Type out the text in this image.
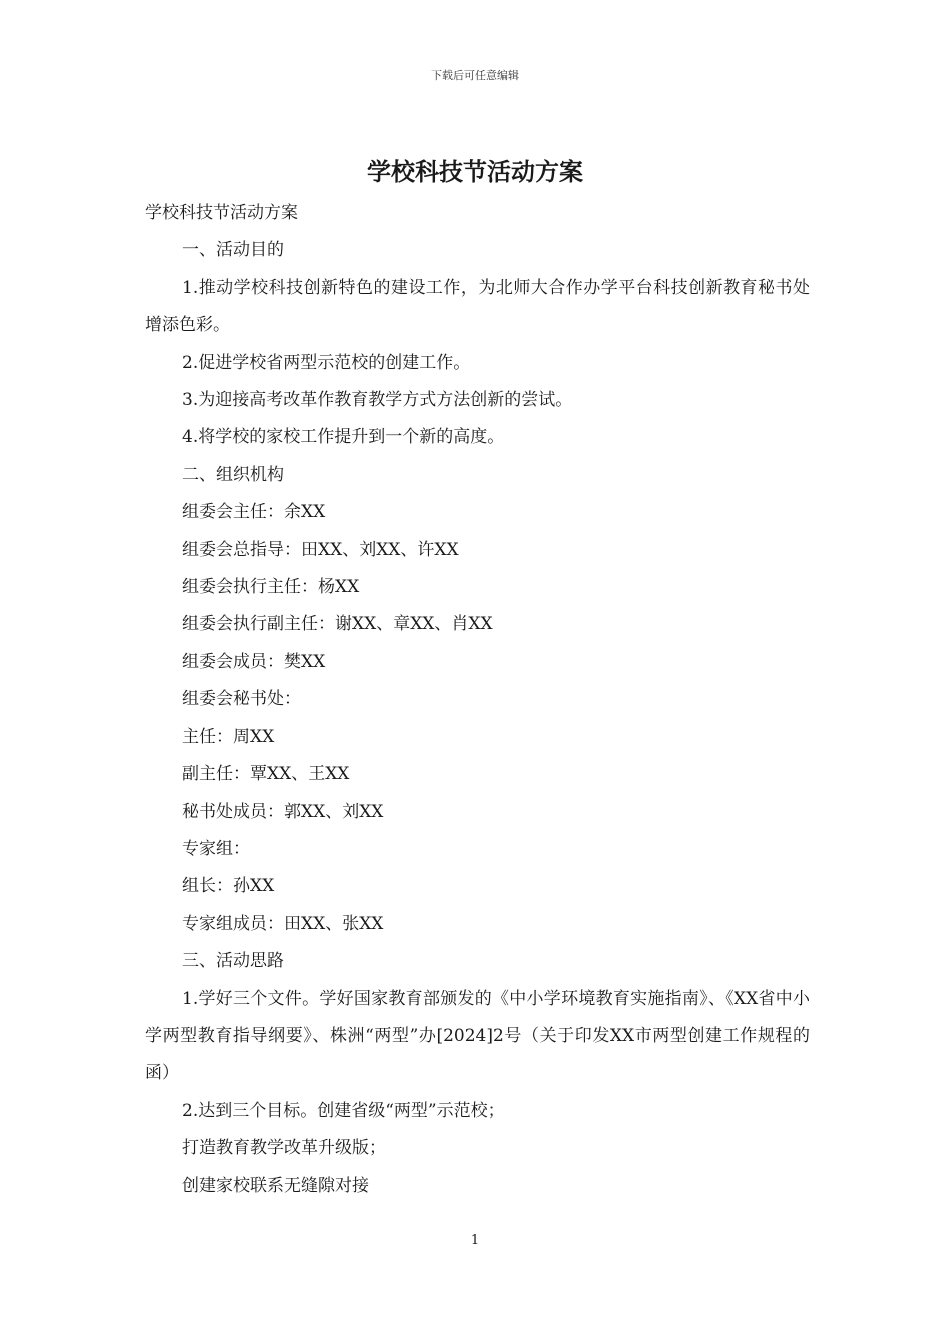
下载后可任意编辑
学校科技节活动方案

学校科技节活动方案

一、活动目的

1.推动学校科技创新特色的建设工作，为北师大合作办学平台科技创新教育秘书处增添色彩。

2.促进学校省两型示范校的创建工作。

3.为迎接高考改革作教育教学方式方法创新的尝试。

4.将学校的家校工作提升到一个新的高度。

二、组织机构

组委会主任：余XX

组委会总指导：田XX、刘XX、许XX

组委会执行主任：杨XX

组委会执行副主任：谢XX、章XX、肖XX

组委会成员：樊XX

组委会秘书处：

主任：周XX

副主任：覃XX、王XX

秘书处成员：郭XX、刘XX

专家组：

组长：孙XX

专家组成员：田XX、张XX

三、活动思路

1.学好三个文件。学好国家教育部颁发的《中小学环境教育实施指南》、《XX省中小学两型教育指导纲要》、株洲“两型”办[2024]2号（关于印发XX市两型创建工作规程的函）

2.达到三个目标。创建省级“两型”示范校；

打造教育教学改革升级版；

创建家校联系无缝隙对接

1
